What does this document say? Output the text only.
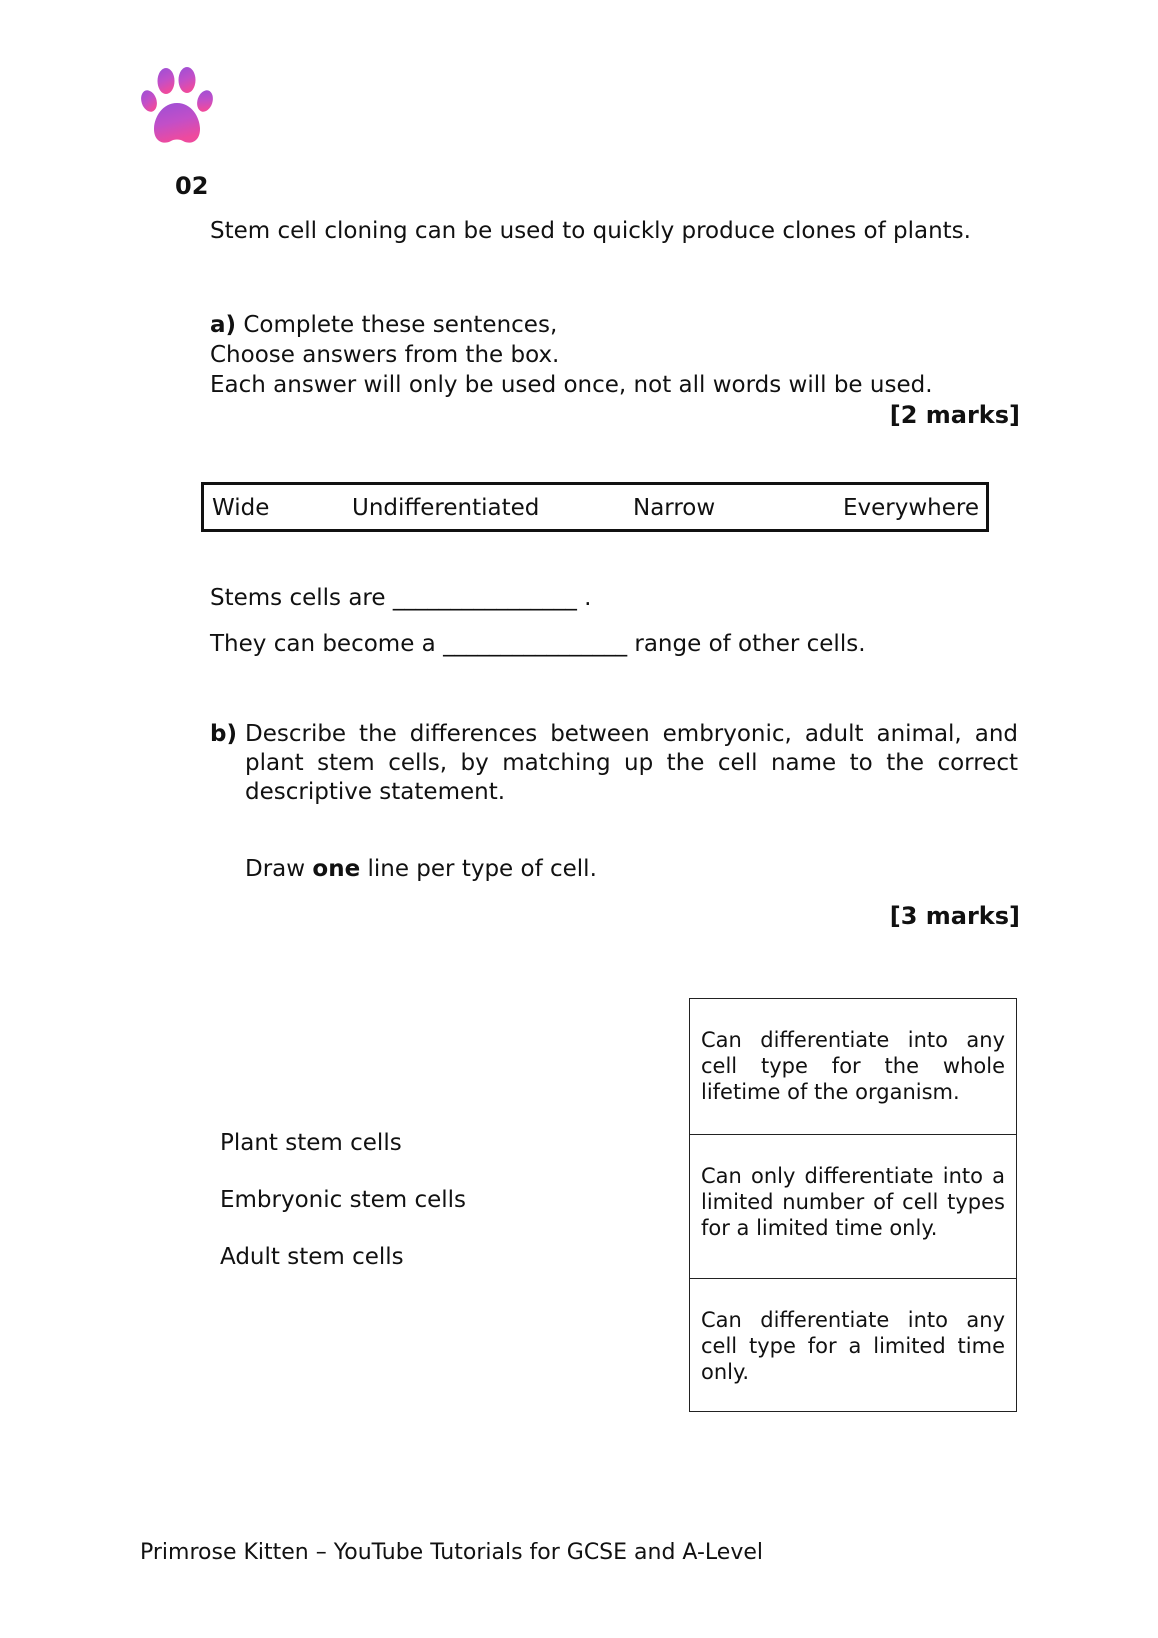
02
Stem cell cloning can be used to quickly produce clones of plants.
a) Complete these sentences,
Choose answers from the box.
Each answer will only be used once, not all words will be used.
[2 marks]
Wide	Undifferentiated	Narrow	Everywhere
Stems cells are ________________ .
They can become a ________________ range of other cells.
b) Describe the differences between embryonic, adult animal, and plant stem cells, by matching up the cell name to the correct descriptive statement.
Draw one line per type of cell.
[3 marks]
Plant stem cells
Embryonic stem cells
Adult stem cells
Can differentiate into any cell type for the whole lifetime of the organism.
Can only differentiate into a limited number of cell types for a limited time only.
Can differentiate into any cell type for a limited time only.
Primrose Kitten – YouTube Tutorials for GCSE and A-Level
